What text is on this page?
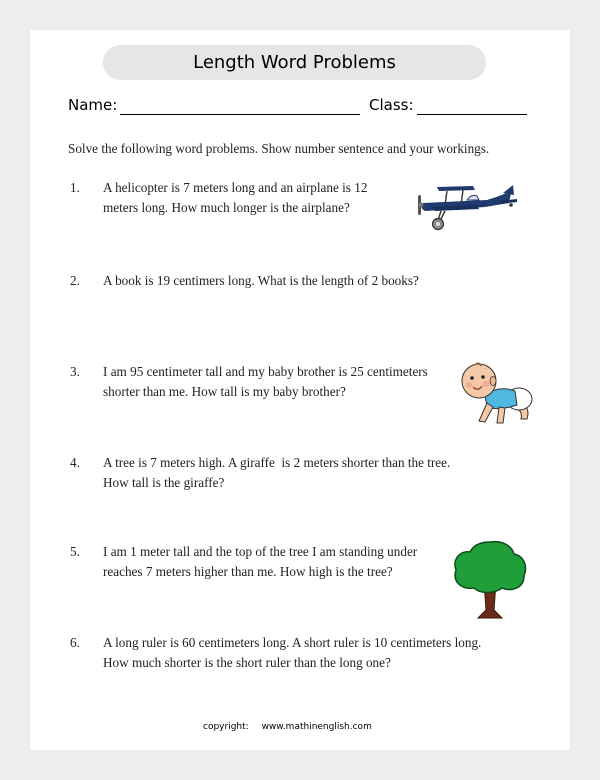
Length Word Problems
Name:	Class:
Solve the following word problems. Show number sentence and your workings.
1. A helicopter is 7 meters long and an airplane is 12
meters long. How much longer is the airplane?
2. A book is 19 centimers long. What is the length of 2 books?
3. I am 95 centimeter tall and my baby brother is 25 centimeters
shorter than me. How tall is my baby brother?
4. A tree is 7 meters high. A giraffe  is 2 meters shorter than the tree.
How tall is the giraffe?
5. I am 1 meter tall and the top of the tree I am standing under
reaches 7 meters higher than me. How high is the tree?
6. A long ruler is 60 centimeters long. A short ruler is 10 centimeters long.
How much shorter is the short ruler than the long one?
copyright: www.mathinenglish.com
